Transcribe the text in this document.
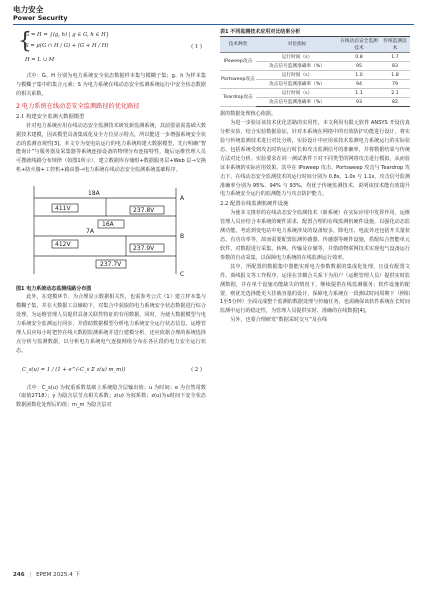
电力安全
Power Security
{
G = H = {(g, h) | g ∈ G, h ∈ H}
S = μ(G ∩ H / G) + (G + H / H)
H = L ∪ M
( 1 )

式中：G、H 分别为电力系统安全状态数据样本集与模糊子集；g、h 为样本集与模糊子集中的集合元素；S 为电力系统在线动态安全监测系统运行中安全状态数据的相关系数。

2 电力系统在线动态安全监测路径的优化路径
2.1 构建安全监测大数据模型

针对电力系统应用在线动态安全监测技术研发新监测系统，其前要前需基础大数据技术建模，因该模型具备集成化及全方位显示特点，所以能进一步增强系统安全状态的监测直观性[3]。本文专为变电站运行的电力系统构建大数据模型，先行明确“智能询计”与服务器及采集器等系统连接设备的物理分布连接特性，随后运维管理人员可搜就线路分布规律（如图1所示），建立数据库存储组+数据服务层+Web 层→交换机+防火墙+工控机+路由器→电力系统在线动态安全监测系统基础程序。

18A
411V
16A
412V
7A
237.8V
237.9V
237.7V
A
B
C
图1 电力系统动态监测线路分布图

此外，在建模环节，为合理显示数据相关性，也需参考公式（1）建立样本集与模糊子集，并在大数据工具辅助下，对集合中获取的电力系统安全状态数据进行综合处理，为运维管理人员提供具备关联性特征的有用数据。同时，为使大数据模型与电力系统安全监测运行同步，并借助数据模型分析电力系统安全运行状态信息，运维管理人员应每小时把控在线大数据监测系统并进行建模分析，还应依据合理的系统选择点分析与监测数据，以分析电力系统电气连接网络分布在各区段的电力安全运行状态。

C_s(u) = 1 / (1 + e^(-C_s Σ z(u) m_m))	( 2 )

式中：C_s(u) 为权重系数基础上系统隐含层输出值；u 为时间；e 为自然常数（取值2718）；y 为隐含层节点相关系数；z(u) 为权系数；z(u)为u时间下安全状态数据函数化处理后的值；m_m 为隐含层对

表1 不同监测技术应用对比结果分析
技术种类	对比指标	在线动态安全监测技术	传统监测技术
IPsweep攻击	运行时间（s）	0.8	1.7
	攻击信号监测准确率（%）	95	83
Portsweep攻击	运行时间（s）	1.0	1.8
	攻击信号监测准确率（%）	94	79
Teardrop攻击	运行时间（s）	1.1	2.1
	攻击信号监测准确率（%）	93	82

据的数据处理核心依据。

为进一步验证该技术优化思路的实用性，本文利用有限元软件 ANSYS 开设仿真分析实验，结合实验数据验证，针对本系统在网络中的有效防护功能进行设计，将实验与传统监测技术进行对比分析，实验设计中应用该技术监测电力系统运行的实际状态，包括系统受到攻击时的运行时长和攻击监测信号的准确率，并将数据结果与传统方法对比分析。实验要求在同一测试条件下对不同类型的网络攻击进行模拟，从而验证本系统的实际应用效果。其中在 IPsweep 攻击、Portsweep 攻击与 Teardrop 攻击下，在线动态安全监测技术的运行时间分别为 0.8s、1.0s 与 1.1s，攻击信号监测准确率分别为 95%、94% 与 93%，均优于传统监测技术，说明该技术能有效提升电力系统安全运行的监测能力与攻击防护能力。

2.2 配置在线监测机硬件设施

为使本文推荐的在线动态安全监测技术（新系统）在实际应用中发挥作用，运维管理人员应结合本系统的硬件需求，配置合理的在线监测机硬件设施，以强化动态监测功能。考虑到变电站中电力系统涉及的设备较多，除电压、电流外还包括开关量状态、有功功率等，故而需要配置监测传感器、传感器等硬件设施，搭配综合智能单元软件，对数据进行采集、转换、传输及存储等，并借助物联网技术实现电气设备运行参数的自动采集，以保障电力系统的在线监测运行效率。

其中，所配置的数据集中器能实现电力参数数据的集成化处理，且设有配置文件、离线报文等工作程序，运用在非耦合关系下为用户（运维管理人员）提供实时监测数据，并在单个设施功能缺失的情况下，继续提供在线监测服务；软件设施的配置，则优先选择能更大挂载容量的设计，保障电力系统在一段测试时间周期下（例如1至5分钟）全面完成整个监测的数据处理与传输任务，也需确保该软件系统在长时间监测中运行的稳定性，为管理人员提供实时、准确的在线数据[4]。

另外，也要合理研发“数据采时交互”及在线

246 | EPEM 2025.4 下
